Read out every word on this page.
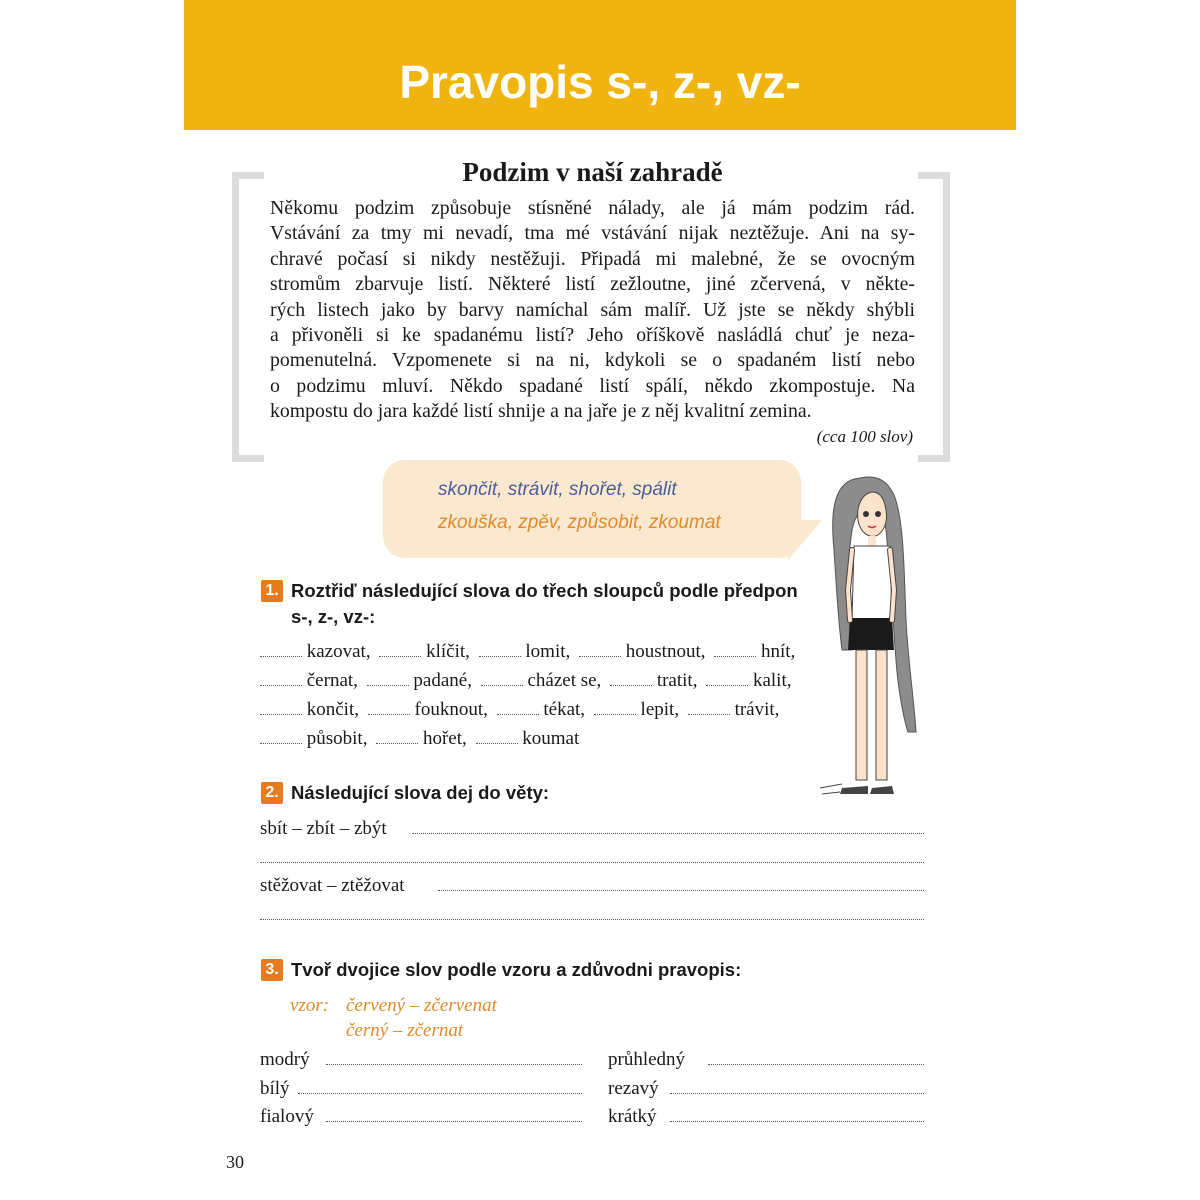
Pravopis s-, z-, vz-
Podzim v naší zahradě
Někomu podzim způsobuje stísněné nálady, ale já mám podzim rád.
Vstávání za tmy mi nevadí, tma mé vstávání nijak neztěžuje. Ani na sy-
chravé počasí si nikdy nestěžuji. Připadá mi malebné, že se ovocným
stromům zbarvuje listí. Některé listí zežloutne, jiné zčervená, v někte-
rých listech jako by barvy namíchal sám malíř. Už jste se někdy shýbli
a přivoněli si ke spadanému listí? Jeho oříškově nasládlá chuť je neza-
pomenutelná. Vzpomenete si na ni, kdykoli se o spadaném listí nebo
o podzimu mluví. Někdo spadané listí spálí, někdo zkompostuje. Na
kompostu do jara každé listí shnije a na jaře je z něj kvalitní zemina.
(cca 100 slov)
skončit, strávit, shořet, spálit
zkouška, zpěv, způsobit, zkoumat
1. Roztřiď následující slova do třech sloupců podle předpon
s-, z-, vz-:
kazovat,	klíčit,	lomit,	houstnout,	hnít,
černat,	padané,	cházet se,	tratit,	kalit,
končit,	fouknout,	tékat,	lepit,	trávit,
působit,	hořet,	koumat
2. Následující slova dej do věty:
sbít – zbít – zbýt
stěžovat – ztěžovat
3. Tvoř dvojice slov podle vzoru a zdůvodni pravopis:
vzor: červený – zčervenat
černý – zčernat
modrý	průhledný
bílý	rezavý
fialový	krátký
30
